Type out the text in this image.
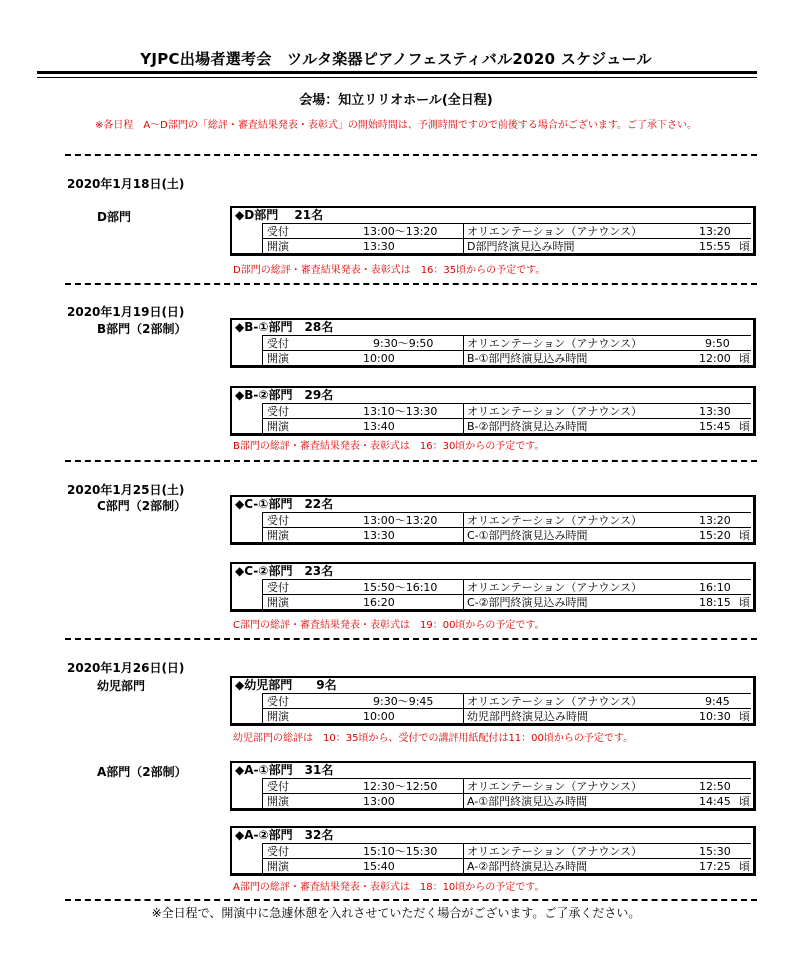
YJPC出場者選考会　ツルタ楽器ピアノフェスティバル2020 スケジュール
会場：知立リリオホール(全日程)
※各日程　A～D部門の「総評・審査結果発表・表彰式」の開始時間は、予測時間ですので前後する場合がございます。ご了承下さい。
2020年1月18日(土)
D部門	◆D部門　 21名
受付	13:00～13:20	オリエンテーション（アナウンス）	13:20
開演	13:30	D部門終演見込み時間	15:55 頃
D部門の総評・審査結果発表・表彰式は　16：35頃からの予定です。
2020年1月19日(日)
B部門（2部制）	◆B-①部門　28名
受付	9:30～9:50	オリエンテーション（アナウンス）	9:50
開演	10:00	B-①部門終演見込み時間	12:00 頃
◆B-②部門　29名
受付	13:10～13:30	オリエンテーション（アナウンス）	13:30
開演	13:40	B-②部門終演見込み時間	15:45 頃
B部門の総評・審査結果発表・表彰式は　16：30頃からの予定です。
2020年1月25日(土)
C部門（2部制）	◆C-①部門　22名
受付	13:00～13:20	オリエンテーション（アナウンス）	13:20
開演	13:30	C-①部門終演見込み時間	15:20 頃
◆C-②部門　23名
受付	15:50～16:10	オリエンテーション（アナウンス）	16:10
開演	16:20	C-②部門終演見込み時間	18:15 頃
C部門の総評・審査結果発表・表彰式は　19：00頃からの予定です。
2020年1月26日(日)
幼児部門	◆幼児部門　　9名
受付	9:30～9:45	オリエンテーション（アナウンス）	9:45
開演	10:00	幼児部門終演見込み時間	10:30 頃
幼児部門の総評は　10：35頃から、受付での講評用紙配付は11：00頃からの予定です。
A部門（2部制）	◆A-①部門　31名
受付	12:30～12:50	オリエンテーション（アナウンス）	12:50
開演	13:00	A-①部門終演見込み時間	14:45 頃
◆A-②部門　32名
受付	15:10～15:30	オリエンテーション（アナウンス）	15:30
開演	15:40	A-②部門終演見込み時間	17:25 頃
A部門の総評・審査結果発表・表彰式は　18：10頃からの予定です。
※全日程で、開演中に急遽休憩を入れさせていただく場合がございます。ご了承ください。
